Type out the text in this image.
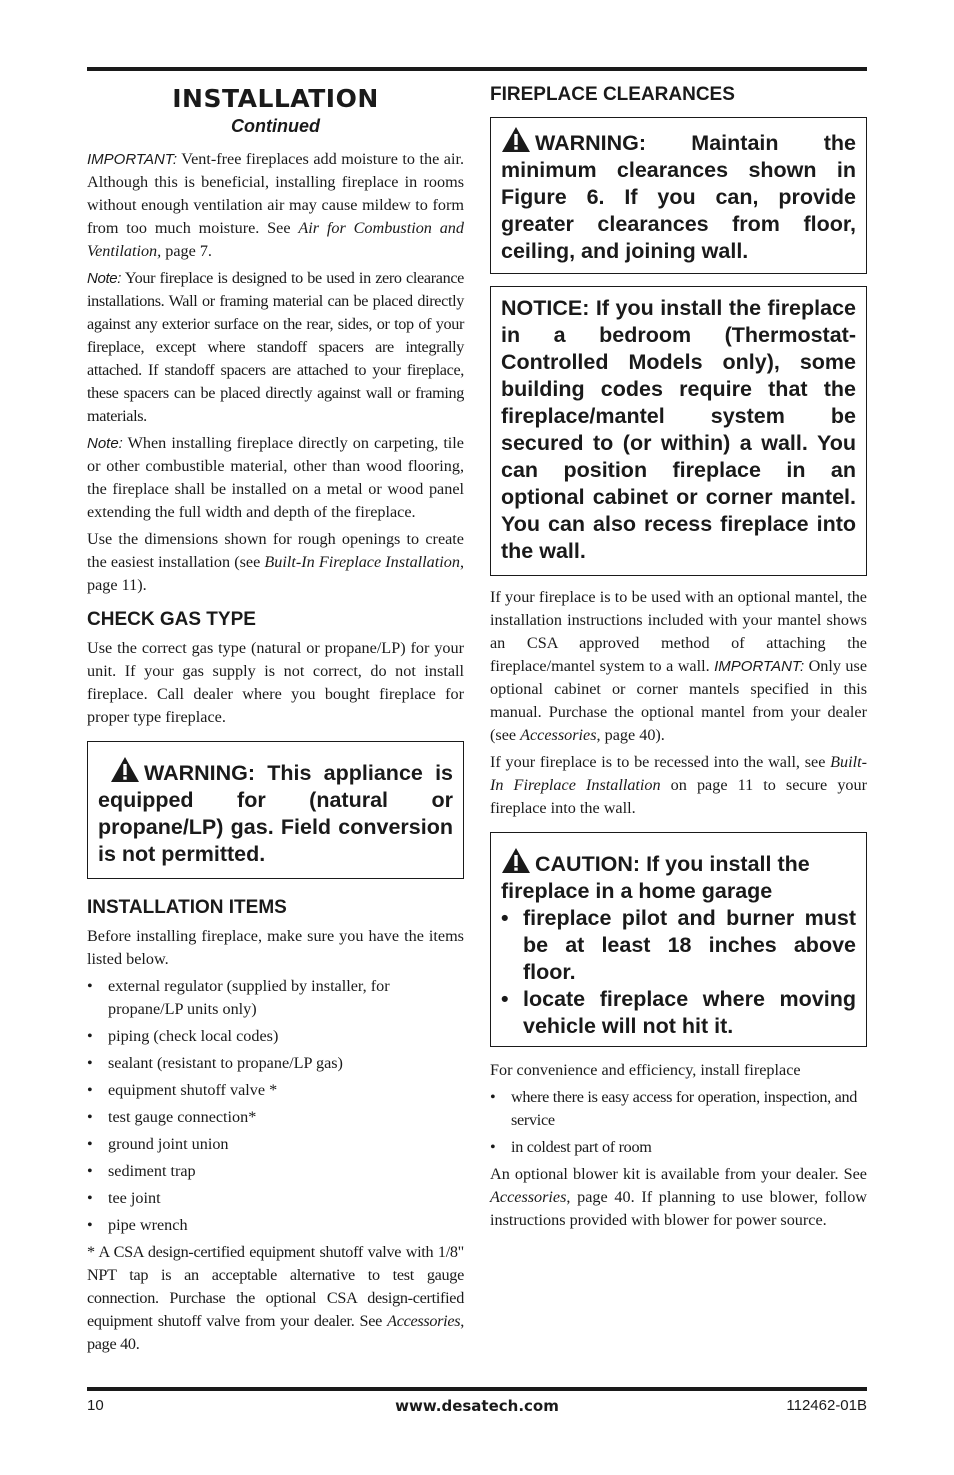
INSTALLATION
Continued

IMPORTANT: Vent-free fireplaces add moisture to the air. Although this is beneficial, installing fireplace in rooms without enough ventilation air may cause mildew to form from too much moisture. See Air for Combustion and Ventilation, page 7.

Note: Your fireplace is designed to be used in zero clearance installations. Wall or framing material can be placed directly against any exterior surface on the rear, sides, or top of your fireplace, except where standoff spacers are integrally attached. If standoff spacers are attached to your fireplace, these spacers can be placed directly against wall or framing materials.

Note: When installing fireplace directly on carpeting, tile or other combustible material, other than wood flooring, the fireplace shall be installed on a metal or wood panel extending the full width and depth of the fireplace.

Use the dimensions shown for rough openings to create the easiest installation (see Built-In Fireplace Installation, page 11).

CHECK GAS TYPE

Use the correct gas type (natural or propane/LP) for your unit. If your gas supply is not correct, do not install fireplace. Call dealer where you bought fireplace for proper type fireplace.

WARNING: This appliance is equipped for (natural or propane/LP) gas. Field conversion is not permitted.
INSTALLATION ITEMS

Before installing fireplace, make sure you have the items listed below.

• external regulator (supplied by installer, for propane/LP units only)
• piping (check local codes)
• sealant (resistant to propane/LP gas)
• equipment shutoff valve *
• test gauge connection*
• ground joint union
• sediment trap
• tee joint
• pipe wrench

* A CSA design-certified equipment shutoff valve with 1/8" NPT tap is an acceptable alternative to test gauge connection. Purchase the optional CSA design-certified equipment shutoff valve from your dealer. See Accessories, page 40.

FIREPLACE CLEARANCES
WARNING: Maintain the minimum clearances shown in Figure 6. If you can, provide greater clearances from floor, ceiling, and joining wall.
NOTICE: If you install the fireplace in a bedroom (Thermostat-Controlled Models only), some building codes require that the fireplace/mantel system be secured to (or within) a wall. You can position fireplace in an optional cabinet or corner mantel. You can also recess fireplace into the wall.

If your fireplace is to be used with an optional mantel, the installation instructions included with your mantel shows an CSA approved method of attaching the fireplace/mantel system to a wall. IMPORTANT: Only use optional cabinet or corner mantels specified in this manual. Purchase the optional mantel from your dealer (see Accessories, page 40).

If your fireplace is to be recessed into the wall, see Built-In Fireplace Installation on page 11 to secure your fireplace into the wall.

CAUTION: If you install the fireplace in a home garage
• fireplace pilot and burner must be at least 18 inches above floor.
• locate fireplace where moving vehicle will not hit it.

For convenience and efficiency, install fireplace

• where there is easy access for operation, inspection, and service
• in coldest part of room

An optional blower kit is available from your dealer. See Accessories, page 40. If planning to use blower, follow instructions provided with blower for power source.

10	www.desatech.com	112462-01B
